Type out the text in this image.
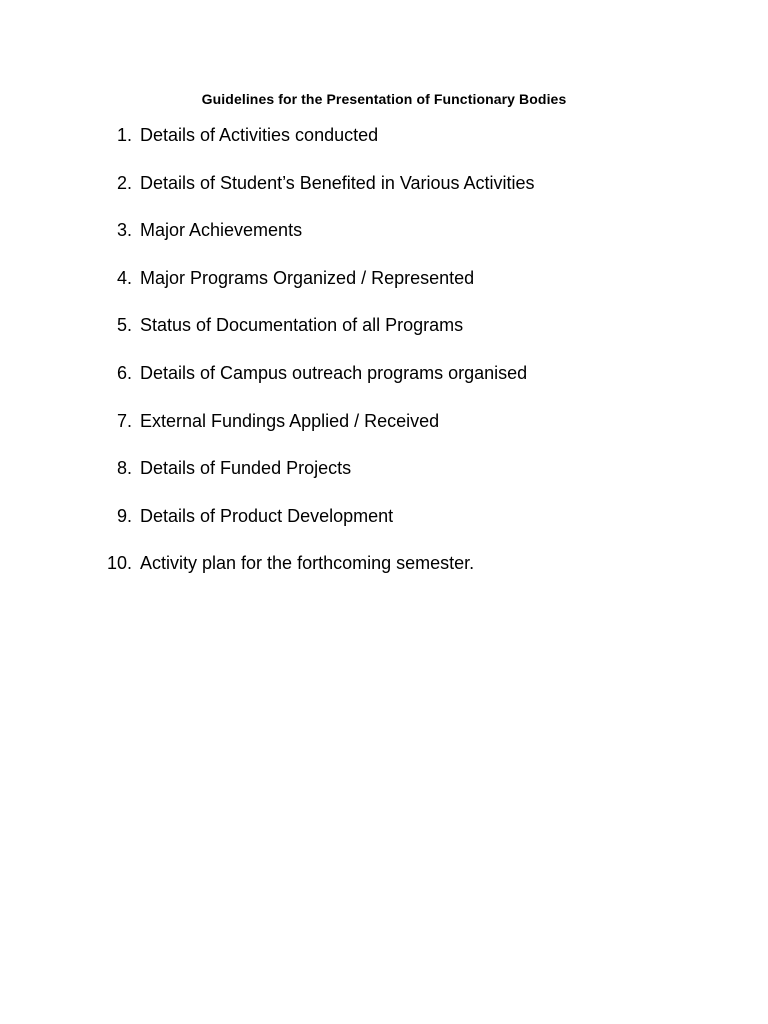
Guidelines for the Presentation of Functionary Bodies
1. Details of Activities conducted
2. Details of Student’s Benefited in Various Activities
3. Major Achievements
4. Major Programs Organized / Represented
5. Status of Documentation of all Programs
6. Details of Campus outreach programs organised
7. External Fundings Applied / Received
8. Details of Funded Projects
9. Details of Product Development
10. Activity plan for the forthcoming semester.
